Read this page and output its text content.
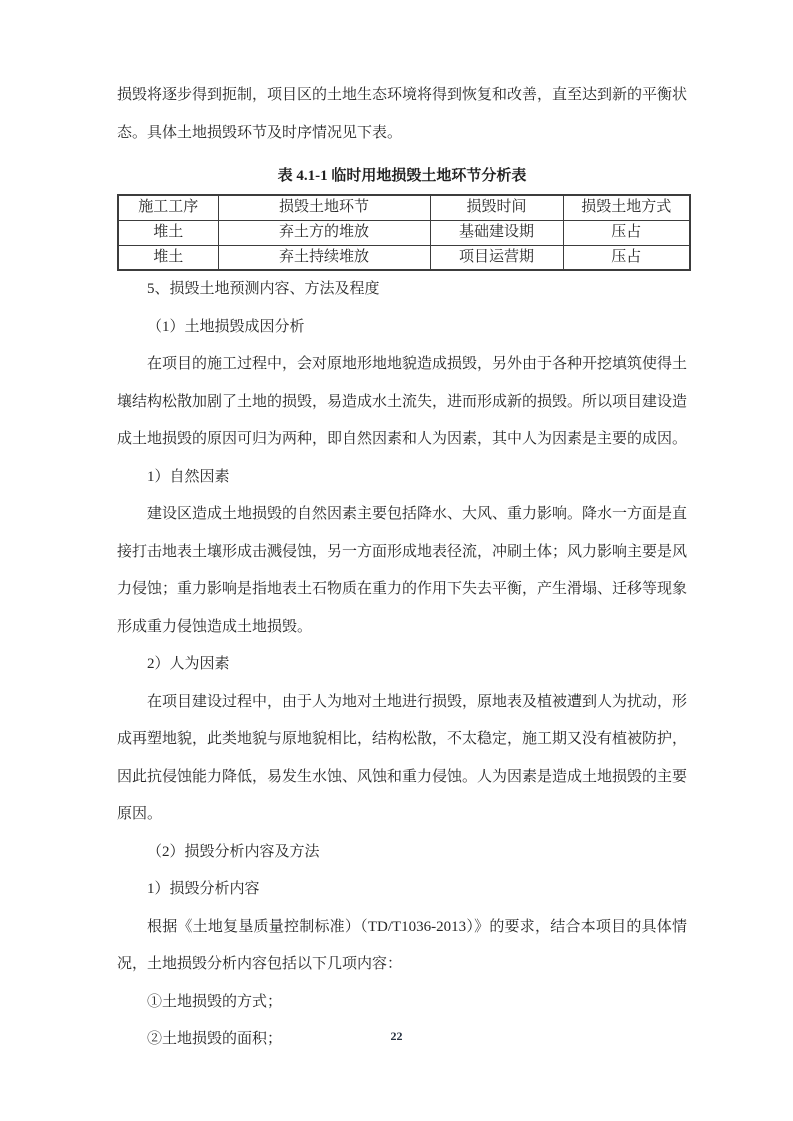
损毁将逐步得到扼制，项目区的土地生态环境将得到恢复和改善，直至达到新的平衡状态。具体土地损毁环节及时序情况见下表。

表 4.1-1 临时用地损毁土地环节分析表

施工工序	损毁土地环节	损毁时间	损毁土地方式
堆土	弃土方的堆放	基础建设期	压占
堆土	弃土持续堆放	项目运营期	压占

5、损毁土地预测内容、方法及程度

（1）土地损毁成因分析

在项目的施工过程中，会对原地形地地貌造成损毁，另外由于各种开挖填筑使得土壤结构松散加剧了土地的损毁，易造成水土流失，进而形成新的损毁。所以项目建设造成土地损毁的原因可归为两种，即自然因素和人为因素，其中人为因素是主要的成因。

1）自然因素

建设区造成土地损毁的自然因素主要包括降水、大风、重力影响。降水一方面是直接打击地表土壤形成击溅侵蚀，另一方面形成地表径流，冲刷土体；风力影响主要是风力侵蚀；重力影响是指地表土石物质在重力的作用下失去平衡，产生滑塌、迁移等现象形成重力侵蚀造成土地损毁。

2）人为因素

在项目建设过程中，由于人为地对土地进行损毁，原地表及植被遭到人为扰动，形成再塑地貌，此类地貌与原地貌相比，结构松散，不太稳定，施工期又没有植被防护，因此抗侵蚀能力降低，易发生水蚀、风蚀和重力侵蚀。人为因素是造成土地损毁的主要原因。

（2）损毁分析内容及方法

1）损毁分析内容

根据《土地复垦质量控制标准）（TD/T1036-2013）》的要求，结合本项目的具体情况，土地损毁分析内容包括以下几项内容：

①土地损毁的方式；

②土地损毁的面积；	22
